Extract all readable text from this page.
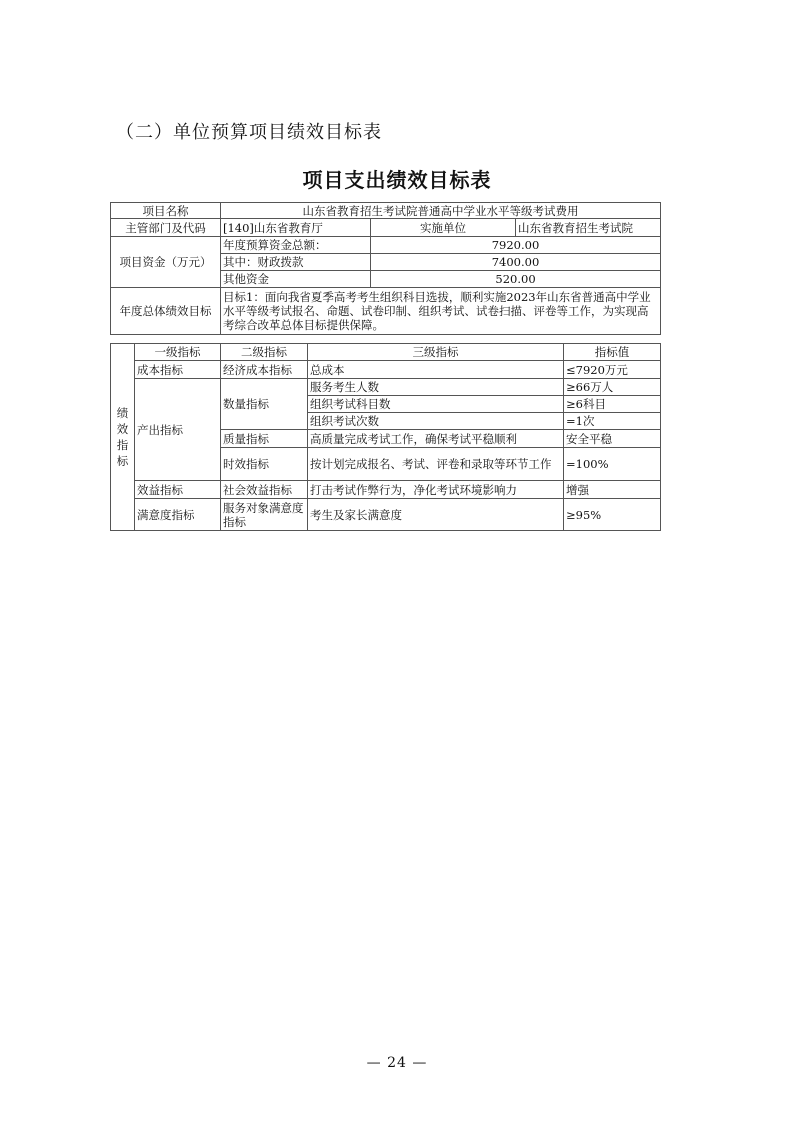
（二）单位预算项目绩效目标表
项目支出绩效目标表
项目名称	山东省教育招生考试院普通高中学业水平等级考试费用		
主管部门及代码	[140]山东省教育厅	实施单位	山东省教育招生考试院
项目资金（万元）	年度预算资金总额：	7920.00	
	其中：财政拨款	7400.00	
	其他资金	520.00	
年度总体绩效目标	目标1：面向我省夏季高考考生组织科目选拔，顺利实施2023年山东省普通高中学业水平等级考试报名、命题、试卷印制、组织考试、试卷扫描、评卷等工作，为实现高考综合改革总体目标提供保障。		
绩
效
指
标	一级指标	二级指标	三级指标	指标值
	成本指标	经济成本指标	总成本	≤7920万元
	产出指标	数量指标	服务考生人数	≥66万人
			组织考试科目数	≥6科目
			组织考试次数	=1次
		质量指标	高质量完成考试工作，确保考试平稳顺利	安全平稳
		时效指标	按计划完成报名、考试、评卷和录取等环节工作	=100%
	效益指标	社会效益指标	打击考试作弊行为，净化考试环境影响力	增强
	满意度指标	服务对象满意度指标	考生及家长满意度	≥95%
— 24 —
